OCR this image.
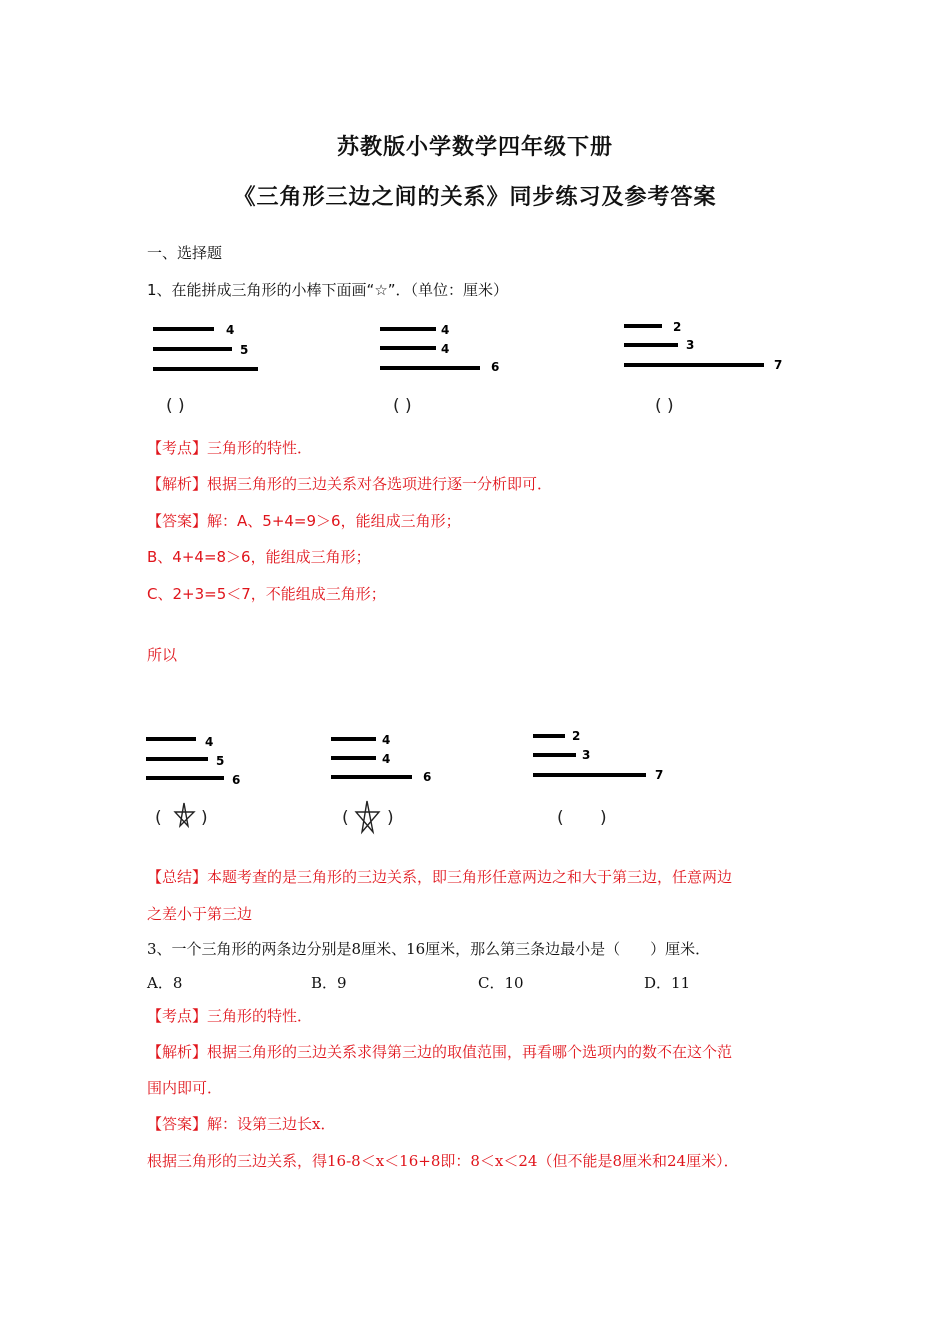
苏教版小学数学四年级下册
《三角形三边之间的关系》同步练习及参考答案
一、选择题
1、在能拼成三角形的小棒下面画“☆”．（单位：厘米）
4
5
( )
4
4
6
( )
2
3
7
( )
【考点】三角形的特性．
【解析】根据三角形的三边关系对各选项进行逐一分析即可．
【答案】解：A、5+4=9＞6，能组成三角形；
B、4+4=8＞6，能组成三角形；
C、2+3=5＜7，不能组成三角形；
所以
4
5
6
( )
4
4
6
( )
2
3
7
( )
【总结】本题考查的是三角形的三边关系，即三角形任意两边之和大于第三边，任意两边
之差小于第三边
3、一个三角形的两条边分别是8厘米、16厘米，那么第三条边最小是（　　）厘米．
A．8	B．9	C．10	D．11
【考点】三角形的特性．
【解析】根据三角形的三边关系求得第三边的取值范围，再看哪个选项内的数不在这个范
围内即可．
【答案】解：设第三边长x．
根据三角形的三边关系，得16-8＜x＜16+8即：8＜x＜24（但不能是8厘米和24厘米）．
